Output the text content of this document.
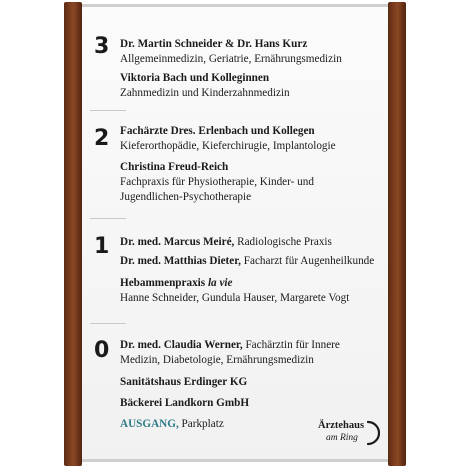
3 Dr. Martin Schneider & Dr. Hans Kurz
Allgemeinmedizin, Geriatrie, Ernährungsmedizin
Viktoria Bach und Kolleginnen
Zahnmedizin und Kinderzahnmedizin
2 Fachärzte Dres. Erlenbach und Kollegen
Kieferorthopädie, Kieferchirugie, Implantologie
Christina Freud-Reich
Fachpraxis für Physiotherapie, Kinder- und
Jugendlichen-Psychotherapie
1 Dr. med. Marcus Meiré, Radiologische Praxis
Dr. med. Matthias Dieter, Facharzt für Augenheilkunde
Hebammenpraxis la vie
Hanne Schneider, Gundula Hauser, Margarete Vogt
0 Dr. med. Claudia Werner, Fachärztin für Innere
Medizin, Diabetologie, Ernährungsmedizin
Sanitätshaus Erdinger KG
Bäckerei Landkorn GmbH
AUSGANG, Parkplatz	Ärztehaus
am Ring
